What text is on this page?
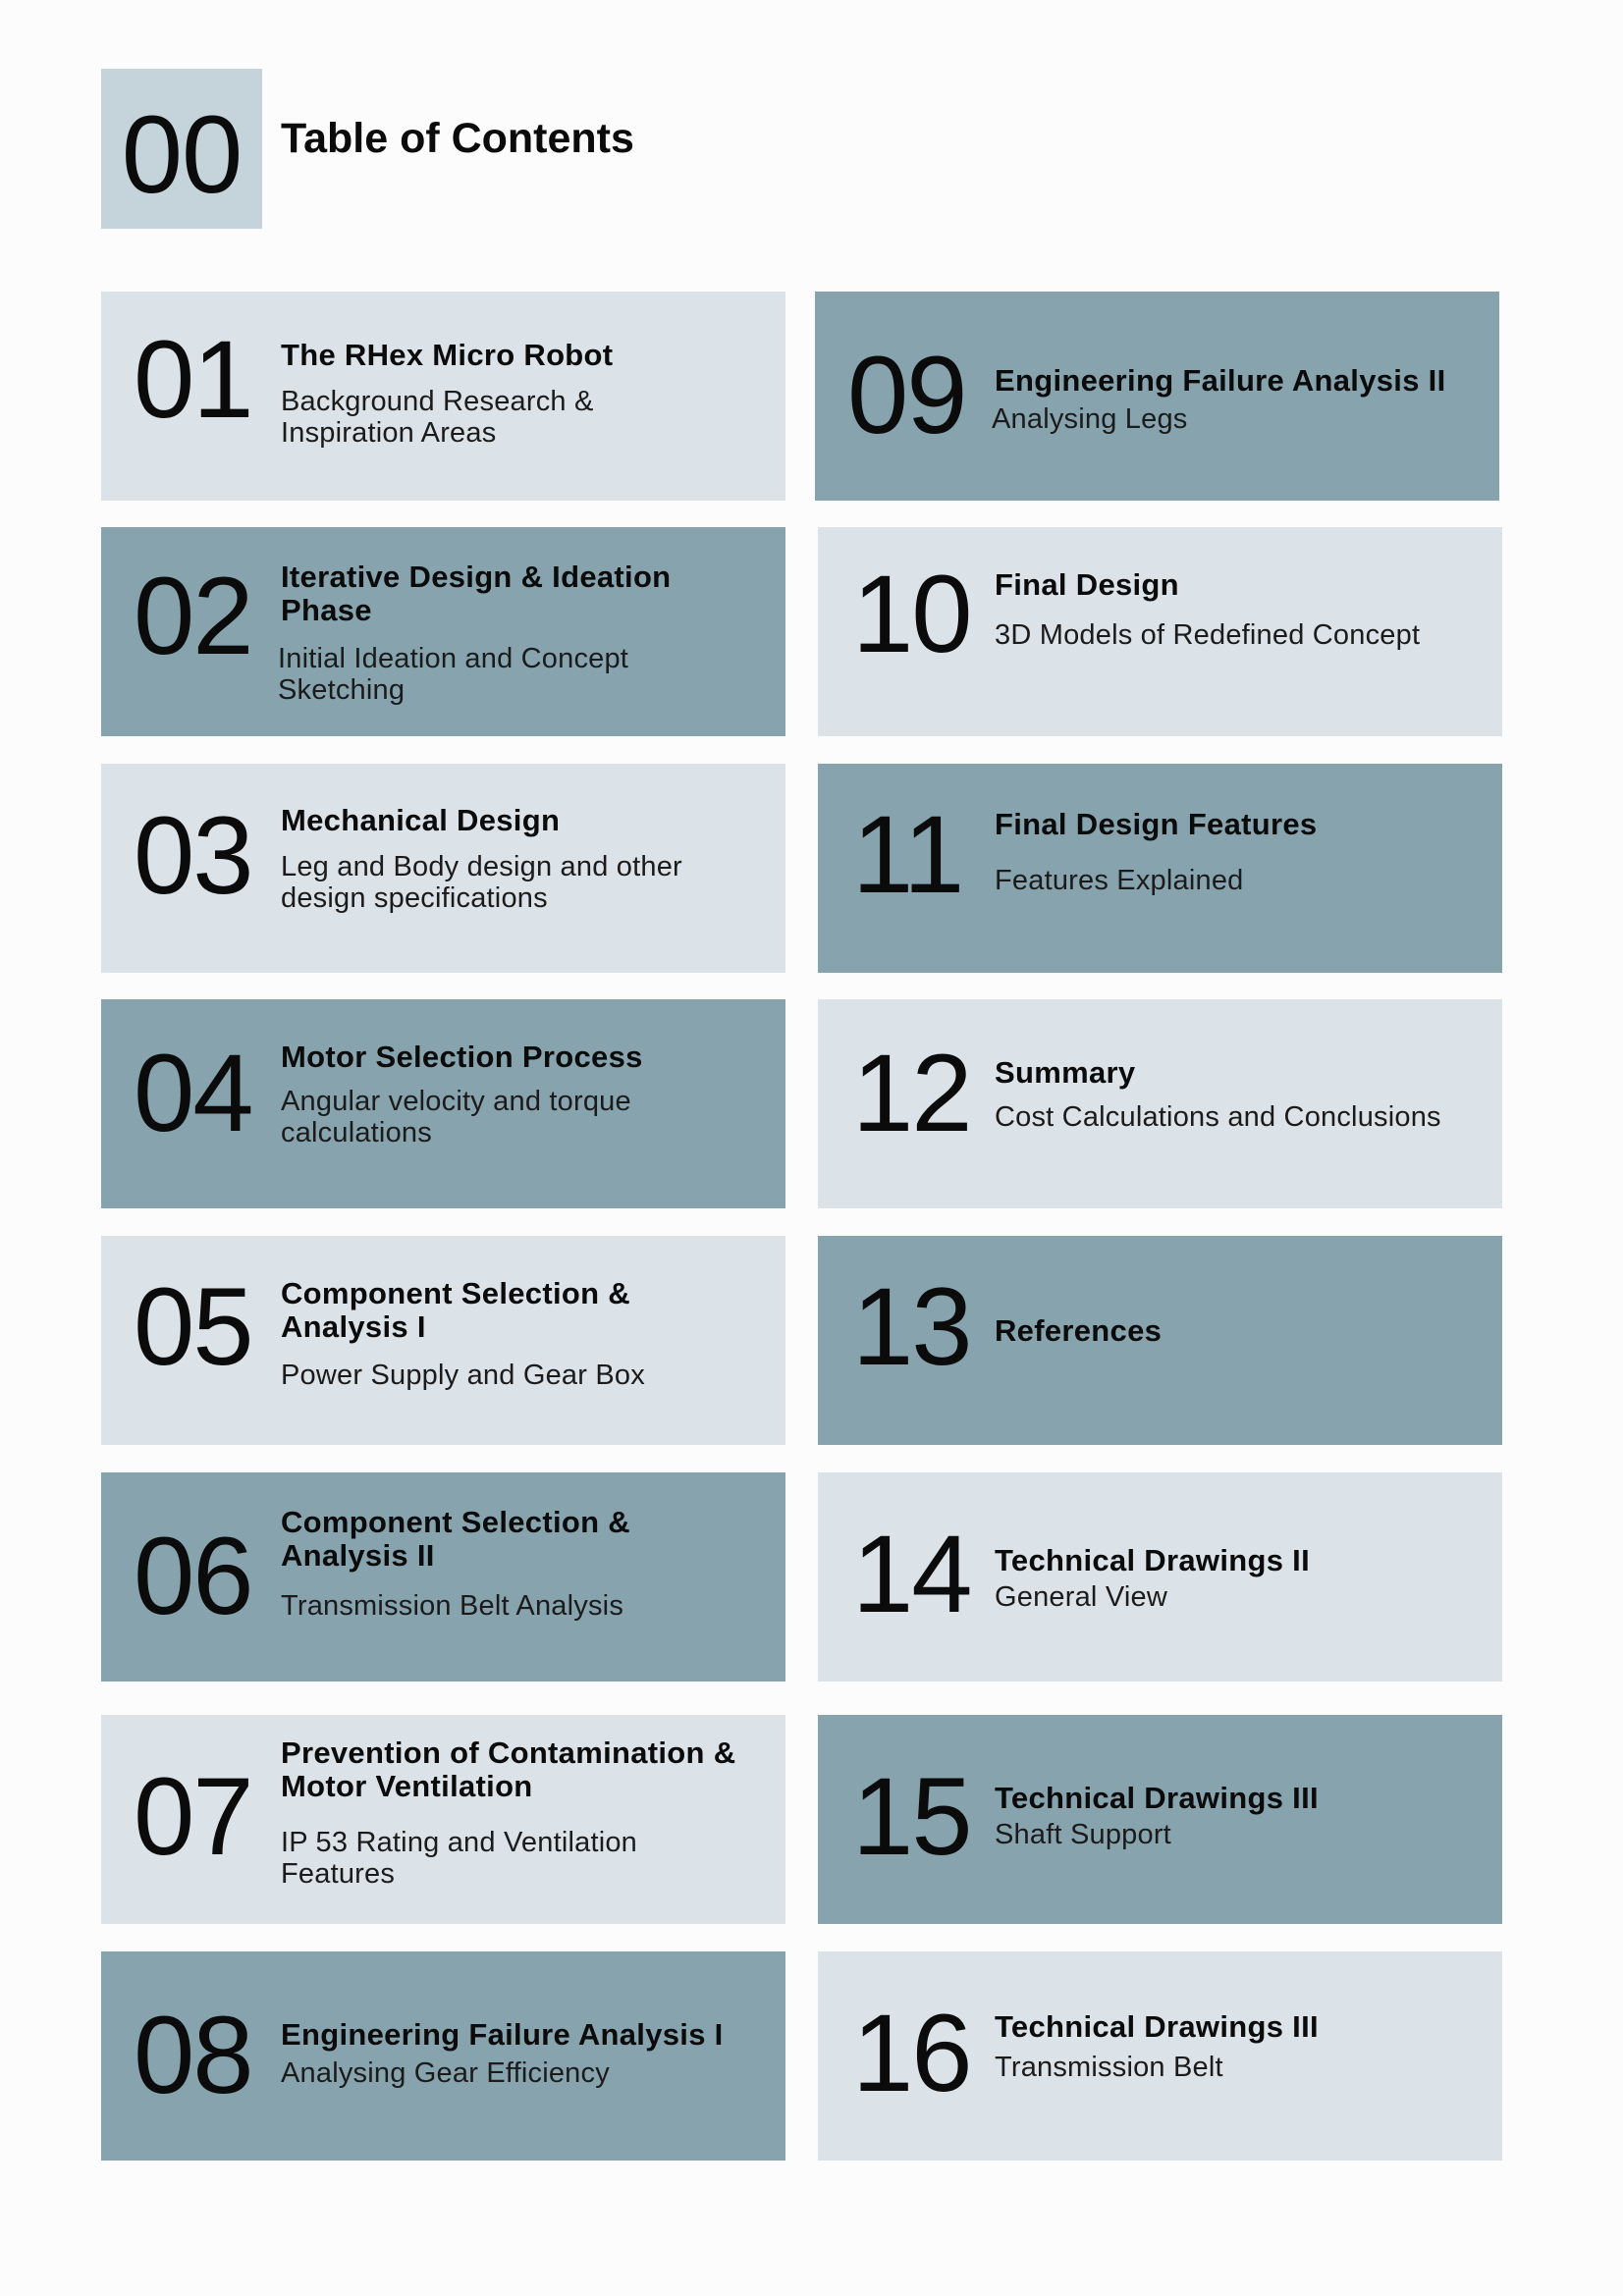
00 Table of Contents
01 The RHex Micro Robot
Background Research & Inspiration Areas
02 Iterative Design & Ideation Phase
Initial Ideation and Concept Sketching
03 Mechanical Design
Leg and Body design and other design specifications
04 Motor Selection Process
Angular velocity and torque calculations
05 Component Selection & Analysis I
Power Supply and Gear Box
06 Component Selection & Analysis II
Transmission Belt Analysis
07
Prevention of Contamination & Motor Ventilation
IP 53 Rating and Ventilation Features
08 Engineering Failure Analysis I
Analysing Gear Efficiency
09 Engineering Failure Analysis II
Analysing Legs
10 Final Design
3D Models of Redefined Concept
11 Final Design Features
Features Explained
12 Summary
Cost Calculations and Conclusions
13 References
14 Technical Drawings II
General View
15 Technical Drawings III
Shaft Support
16 Technical Drawings III
Transmission Belt
